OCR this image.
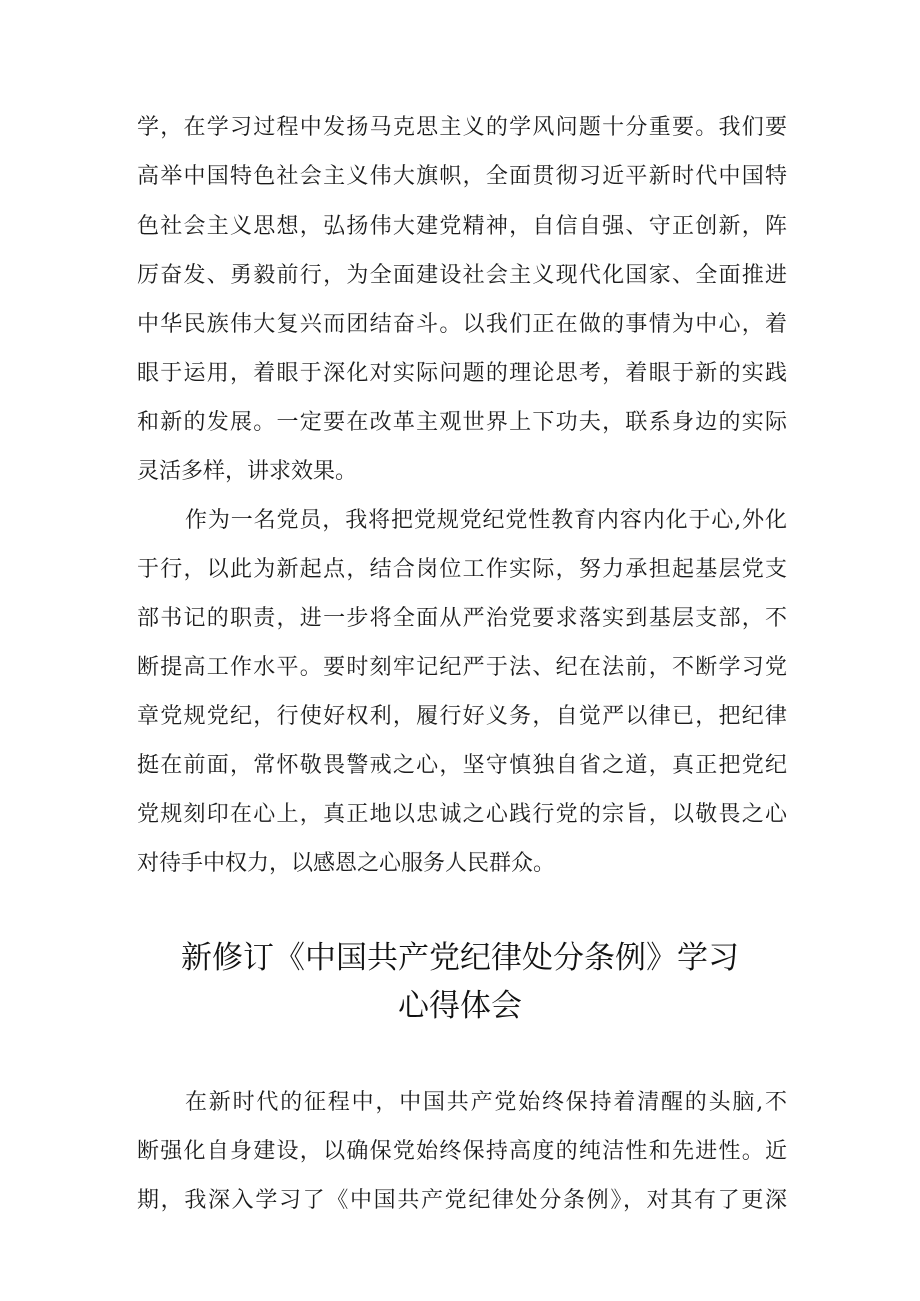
学，在学习过程中发扬马克思主义的学风问题十分重要。我们要
高举中国特色社会主义伟大旗帜，全面贯彻习近平新时代中国特
色社会主义思想，弘扬伟大建党精神，自信自强、守正创新，阵
厉奋发、勇毅前行，为全面建设社会主义现代化国家、全面推进
中华民族伟大复兴而团结奋斗。以我们正在做的事情为中心，着
眼于运用，着眼于深化对实际问题的理论思考，着眼于新的实践
和新的发展。一定要在改革主观世界上下功夫，联系身边的实际
灵活多样，讲求效果。
作为一名党员，我将把党规党纪党性教育内容内化于心,外化
于行，以此为新起点，结合岗位工作实际，努力承担起基层党支
部书记的职责，进一步将全面从严治党要求落实到基层支部，不
断提高工作水平。要时刻牢记纪严于法、纪在法前，不断学习党
章党规党纪，行使好权利，履行好义务，自觉严以律已，把纪律
挺在前面，常怀敬畏警戒之心，坚守慎独自省之道，真正把党纪
党规刻印在心上，真正地以忠诚之心践行党的宗旨，以敬畏之心
对待手中权力，以感恩之心服务人民群众。
新修订《中国共产党纪律处分条例》学习
心得体会
在新时代的征程中，中国共产党始终保持着清醒的头脑,不
断强化自身建设，以确保党始终保持高度的纯洁性和先进性。近
期，我深入学习了《中国共产党纪律处分条例》，对其有了更深
